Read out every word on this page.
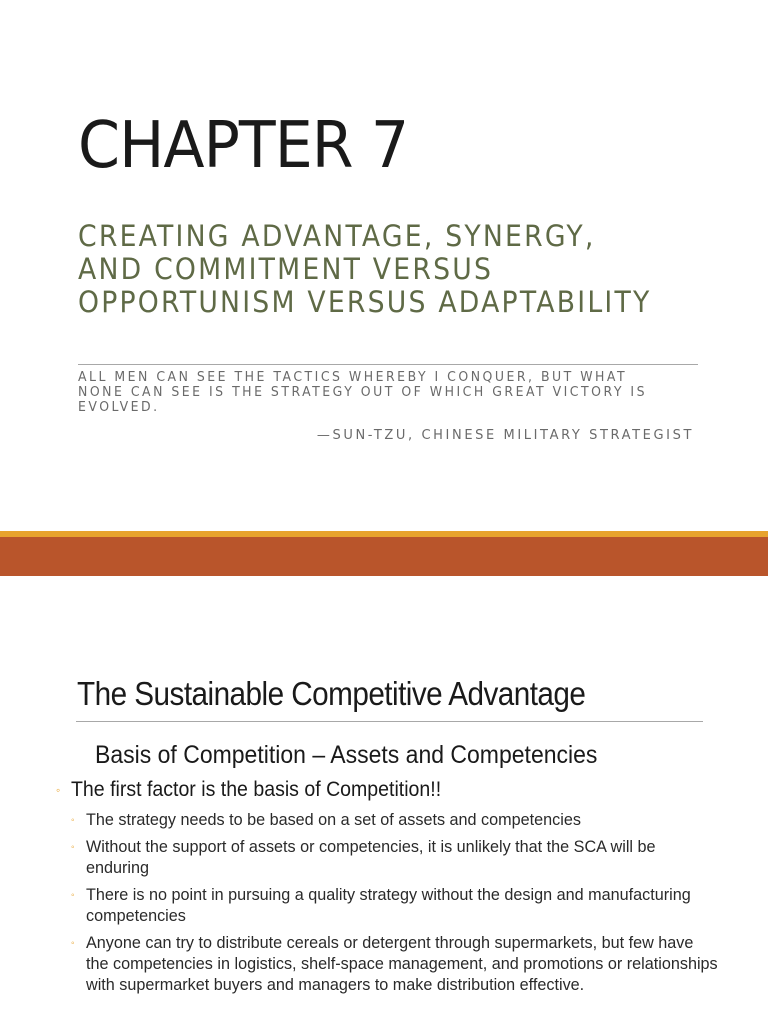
CHAPTER 7
CREATING ADVANTAGE, SYNERGY, AND COMMITMENT VERSUS OPPORTUNISM VERSUS ADAPTABILITY

ALL MEN CAN SEE THE TACTICS WHEREBY I CONQUER, BUT WHAT NONE CAN SEE IS THE STRATEGY OUT OF WHICH GREAT VICTORY IS EVOLVED.

—SUN-TZU, CHINESE MILITARY STRATEGIST

The Sustainable Competitive Advantage
Basis of Competition – Assets and Competencies
◦ The first factor is the basis of Competition!!
◦ The strategy needs to be based on a set of assets and competencies
◦ Without the support of assets or competencies, it is unlikely that the SCA will be enduring
◦ There is no point in pursuing a quality strategy without the design and manufacturing competencies
◦ Anyone can try to distribute cereals or detergent through supermarkets, but few have the competencies in logistics, shelf-space management, and promotions or relationships with supermarket buyers and managers to make distribution effective.
